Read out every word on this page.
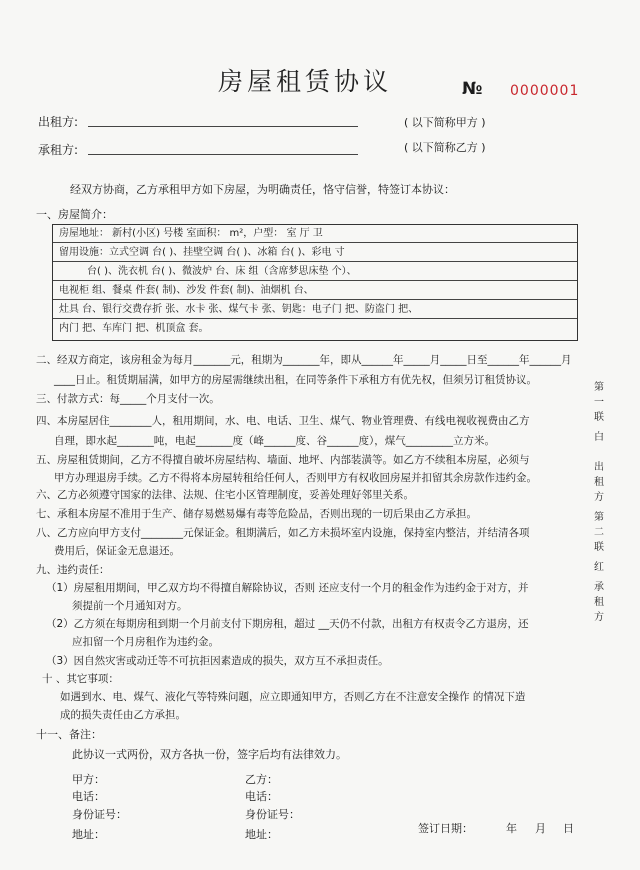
房屋租赁协议	№ 0000001
出租方:	( 以下简称甲方 )
承租方:	( 以下简称乙方 )
经双方协商，乙方承租甲方如下房屋，为明确责任，恪守信誉，特签订本协议：
一、房屋简介：
房屋地址： 新村(小区) 号楼 室面积： m²，户型： 室 厅 卫
留用设施：立式空调 台( )、挂壁空调 台( )、冰箱 台( )、彩电 寸
台( )、洗衣机 台( )、微波炉 台、床 组（含席梦思床垫 个）、
电视柜 组、餐桌 件套( 制)、沙发 件套( 制)、油烟机 台、
灶具 台、银行交费存折 张、水卡 张、煤气卡 张、钥匙：电子门 把、防盗门 把、
内门 把、车库门 把、机顶盒 套。
二、经双方商定，该房租金为每月_______元，租期为_______年，即从______年_____月_____日至______年______月
____日止。租赁期届满，如甲方的房屋需继续出租，在同等条件下承租方有优先权，但须另订租赁协议。
三、付款方式：每_____个月支付一次。
四、本房屋居住________人，租用期间，水、电、电话、卫生、煤气、物业管理费、有线电视收视费由乙方
自理，即水起_______吨，电起_______度（峰______度、谷______度），煤气_________立方米。
五、房屋租赁期间，乙方不得擅自破坏房屋结构、墙面、地坪、内部装潢等。如乙方不续租本房屋，必须与
甲方办理退房手续。乙方不得将本房屋转租给任何人，否则甲方有权收回房屋并扣留其余房款作违约金。
六、乙方必须遵守国家的法律、法规、住宅小区管理制度，妥善处理好邻里关系。
七、承租本房屋不准用于生产、储存易燃易爆有毒等危险品，否则出现的一切后果由乙方承担。
八、乙方应向甲方支付________元保证金。租期满后，如乙方未损坏室内设施，保持室内整洁，并结清各项
费用后，保证金无息退还。
九、违约责任：
（1）房屋租用期间，甲乙双方均不得擅自解除协议，否则 还应支付一个月的租金作为违约金于对方，并
须提前一个月通知对方。
（2）乙方须在每期房租到期一个月前支付下期房租，超过 __天仍不付款，出租方有权责令乙方退房，还
应扣留一个月房租作为违约金。
（3）因自然灾害或动迁等不可抗拒因素造成的损失，双方互不承担责任。
十 、其它事项：
如遇到水、电、煤气、液化气等特殊问题，应立即通知甲方，否则乙方在不注意安全操作 的情况下造
成的损失责任由乙方承担。
十一、备注：
此协议一式两份，双方各执一份，签字后均有法律效力。
甲方：	乙方：
电话：	电话：
身份证号：	身份证号：
地址：	地址：	签订日期：	年 月 日
第一联
白
出租方
第二联
红
承租方
